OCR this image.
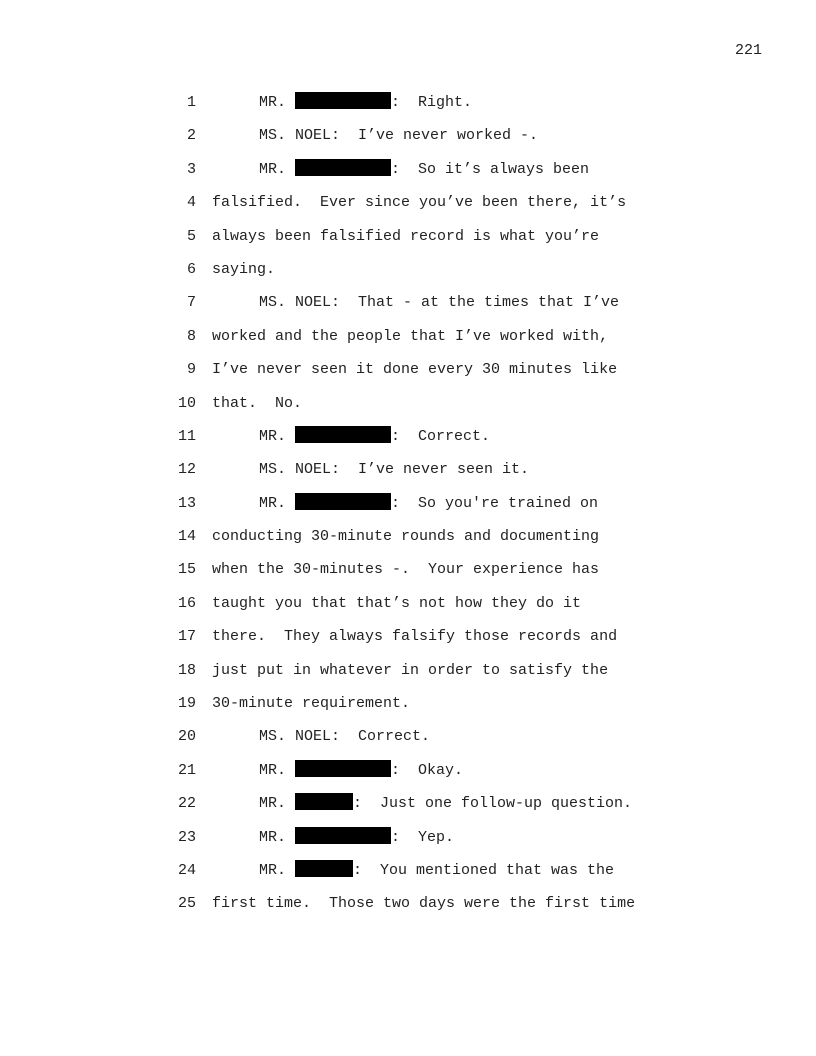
221
1	MR.	:  Right.
2	MS. NOEL:  I’ve never worked -.
3	MR.	:  So it’s always been
4 falsified.  Ever since you’ve been there, it’s
5 always been falsified record is what you’re
6 saying.
7	MS. NOEL:  That - at the times that I’ve
8 worked and the people that I’ve worked with,
9 I’ve never seen it done every 30 minutes like
10 that.  No.
11	MR.	:  Correct.
12	MS. NOEL:  I’ve never seen it.
13	MR.	:  So you're trained on
14 conducting 30-minute rounds and documenting
15 when the 30-minutes -.  Your experience has
16 taught you that that’s not how they do it
17 there.  They always falsify those records and
18 just put in whatever in order to satisfy the
19 30-minute requirement.
20	MS. NOEL:  Correct.
21	MR.	:  Okay.
22	MR.	:  Just one follow-up question.
23	MR.	:  Yep.
24	MR.	:  You mentioned that was the
25 first time.  Those two days were the first time
